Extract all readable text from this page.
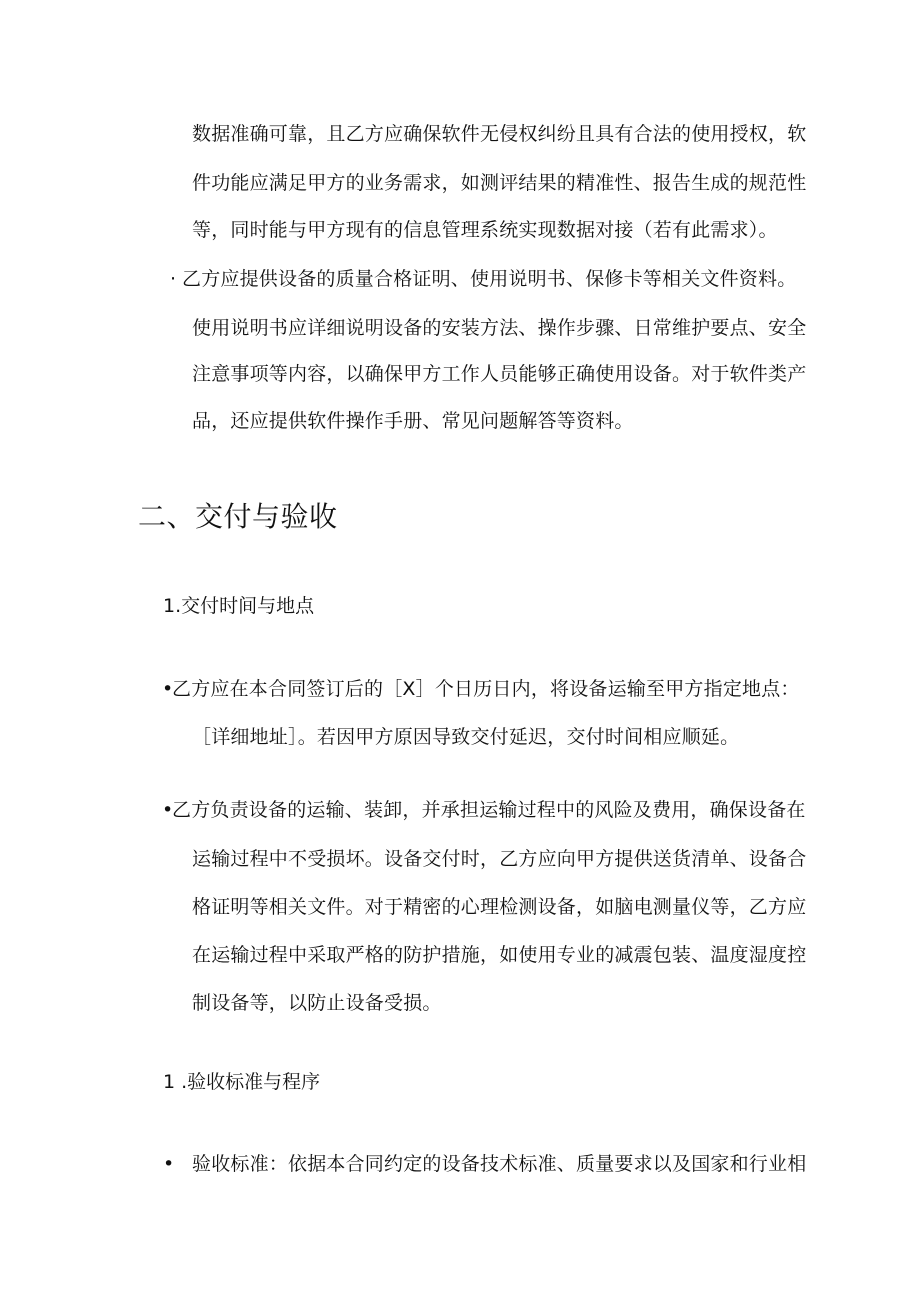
数据准确可靠，且乙方应确保软件无侵权纠纷且具有合法的使用授权，软
件功能应满足甲方的业务需求，如测评结果的精准性、报告生成的规范性
等，同时能与甲方现有的信息管理系统实现数据对接（若有此需求）。
· 乙方应提供设备的质量合格证明、使用说明书、保修卡等相关文件资料。
使用说明书应详细说明设备的安装方法、操作步骤、日常维护要点、安全
注意事项等内容，以确保甲方工作人员能够正确使用设备。对于软件类产
品，还应提供软件操作手册、常见问题解答等资料。
二、交付与验收
1.交付时间与地点
•
乙方应在本合同签订后的［X］个日历日内，将设备运输至甲方指定地点：
［详细地址］。若因甲方原因导致交付延迟，交付时间相应顺延。
•
乙方负责设备的运输、装卸，并承担运输过程中的风险及费用，确保设备在
运输过程中不受损坏。设备交付时，乙方应向甲方提供送货清单、设备合
格证明等相关文件。对于精密的心理检测设备，如脑电测量仪等，乙方应
在运输过程中采取严格的防护措施，如使用专业的减震包装、温度湿度控
制设备等，以防止设备受损。
1 .验收标准与程序
• 验收标准：依据本合同约定的设备技术标准、质量要求以及国家和行业相
